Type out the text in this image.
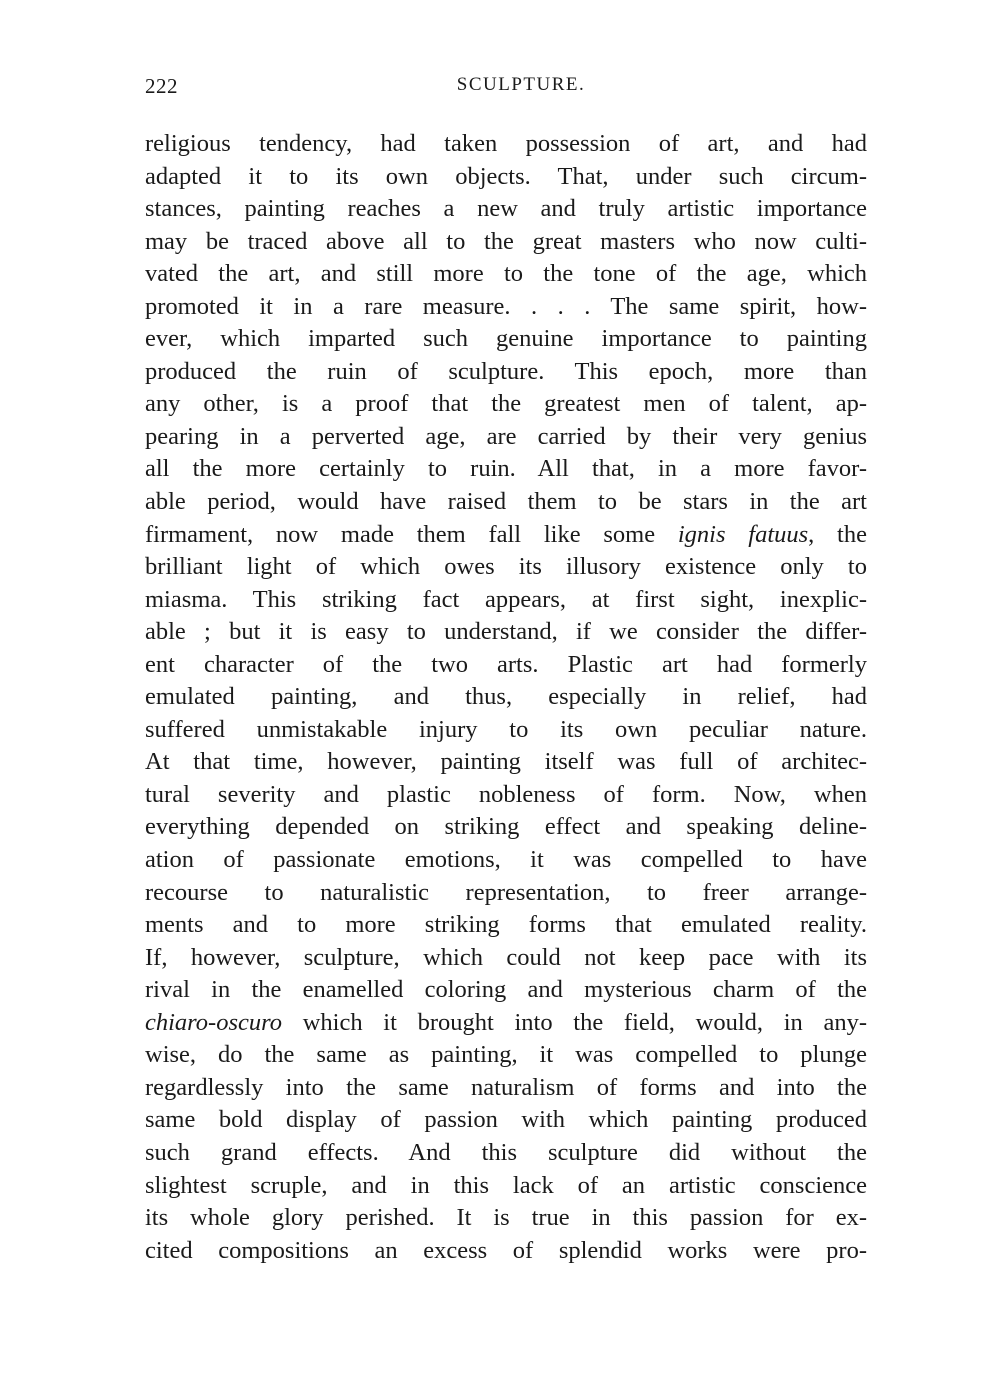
222	SCULPTURE.
religious tendency, had taken possession of art, and had
adapted it to its own objects. That, under such circum-
stances, painting reaches a new and truly artistic importance
may be traced above all to the great masters who now culti-
vated the art, and still more to the tone of the age, which
promoted it in a rare measure. . . . The same spirit, how-
ever, which imparted such genuine importance to painting
produced the ruin of sculpture. This epoch, more than
any other, is a proof that the greatest men of talent, ap-
pearing in a perverted age, are carried by their very genius
all the more certainly to ruin. All that, in a more favor-
able period, would have raised them to be stars in the art
firmament, now made them fall like some ignis fatuus, the
brilliant light of which owes its illusory existence only to
miasma. This striking fact appears, at first sight, inexplic-
able ; but it is easy to understand, if we consider the differ-
ent character of the two arts. Plastic art had formerly
emulated painting, and thus, especially in relief, had
suffered unmistakable injury to its own peculiar nature.
At that time, however, painting itself was full of architec-
tural severity and plastic nobleness of form. Now, when
everything depended on striking effect and speaking deline-
ation of passionate emotions, it was compelled to have
recourse to naturalistic representation, to freer arrange-
ments and to more striking forms that emulated reality.
If, however, sculpture, which could not keep pace with its
rival in the enamelled coloring and mysterious charm of the
chiaro-oscuro which it brought into the field, would, in any-
wise, do the same as painting, it was compelled to plunge
regardlessly into the same naturalism of forms and into the
same bold display of passion with which painting produced
such grand effects. And this sculpture did without the
slightest scruple, and in this lack of an artistic conscience
its whole glory perished. It is true in this passion for ex-
cited compositions an excess of splendid works were pro-
